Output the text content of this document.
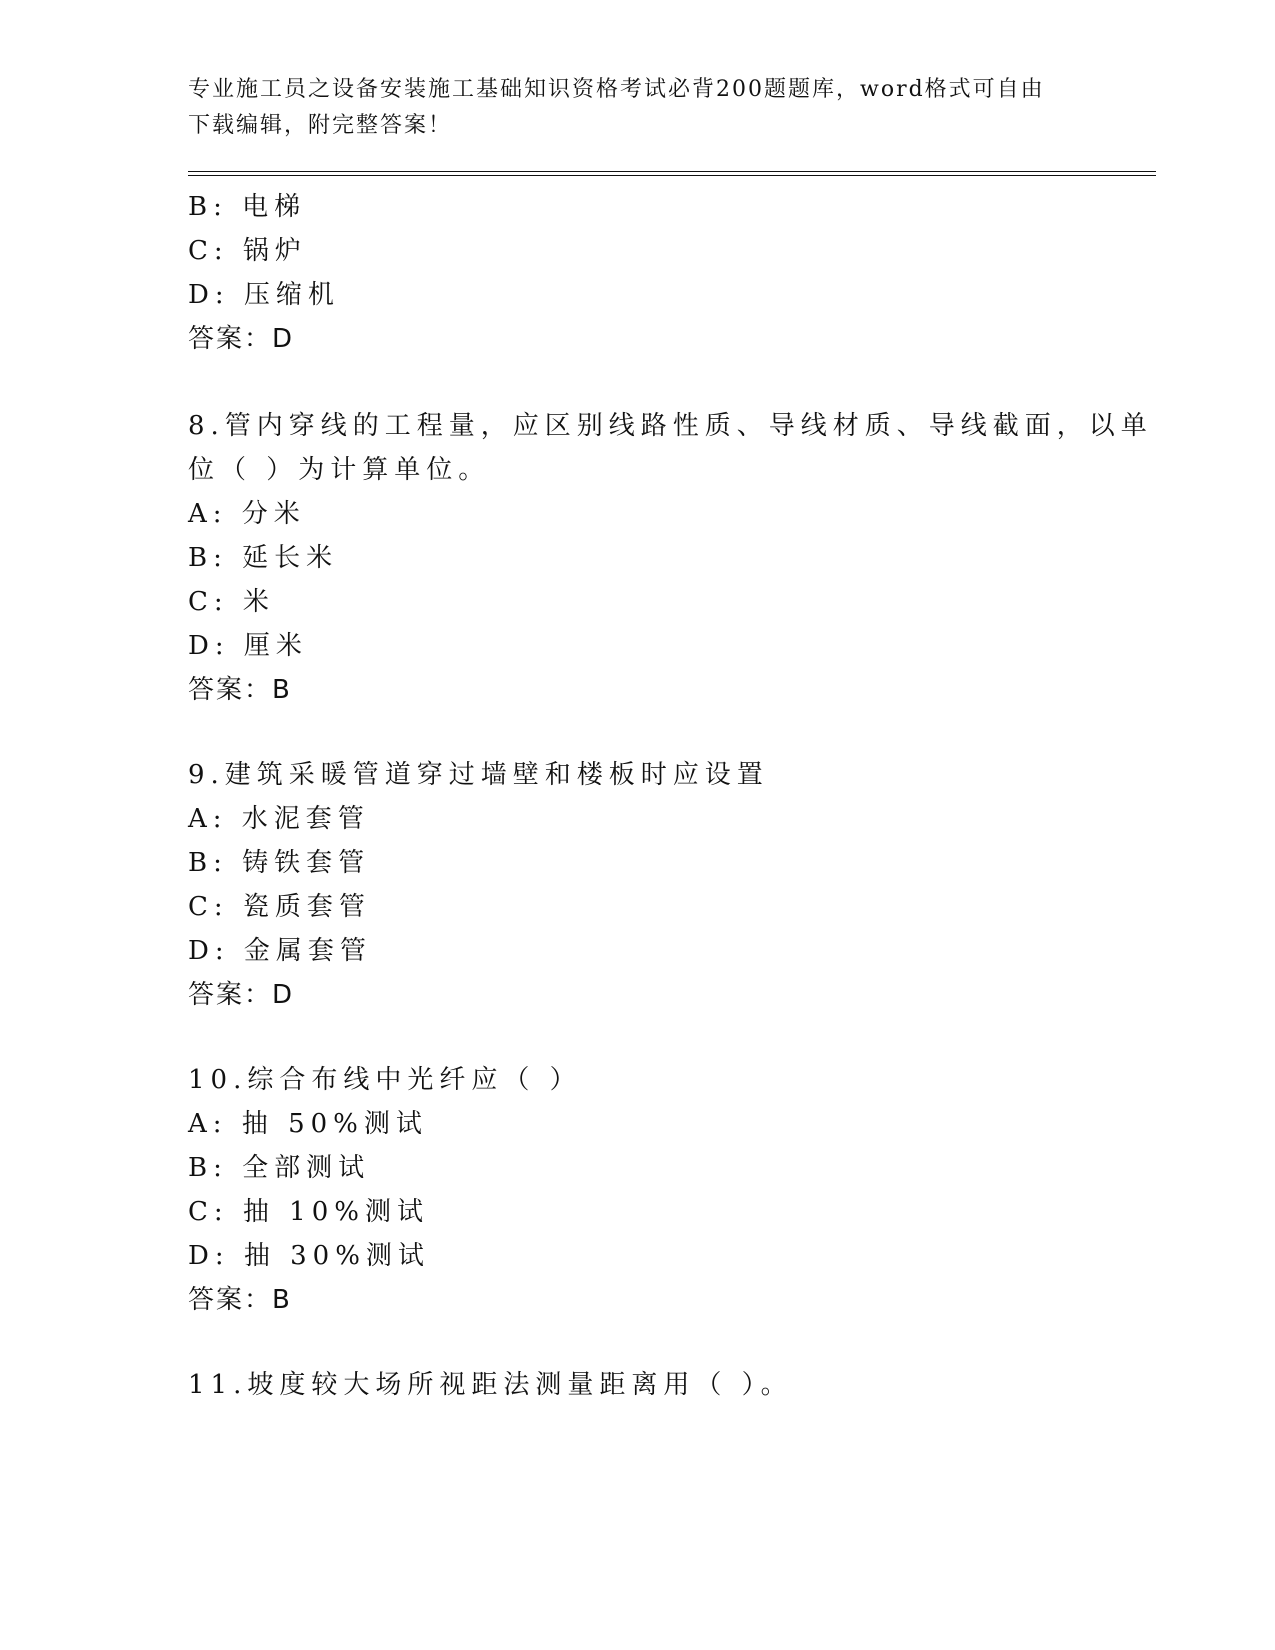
专业施工员之设备安装施工基础知识资格考试必背200题题库，word格式可自由下载编辑，附完整答案！
B: 电梯
C: 锅炉
D: 压缩机
答案：D
8.管内穿线的工程量，应区别线路性质、导线材质、导线截面，以单
位（ ）为计算单位。
A: 分米
B: 延长米
C: 米
D: 厘米
答案：B
9.建筑采暖管道穿过墙壁和楼板时应设置
A: 水泥套管
B: 铸铁套管
C: 瓷质套管
D: 金属套管
答案：D
10.综合布线中光纤应（ ）
A: 抽 50%测试
B: 全部测试
C: 抽 10%测试
D: 抽 30%测试
答案：B
11.坡度较大场所视距法测量距离用（ ）。
